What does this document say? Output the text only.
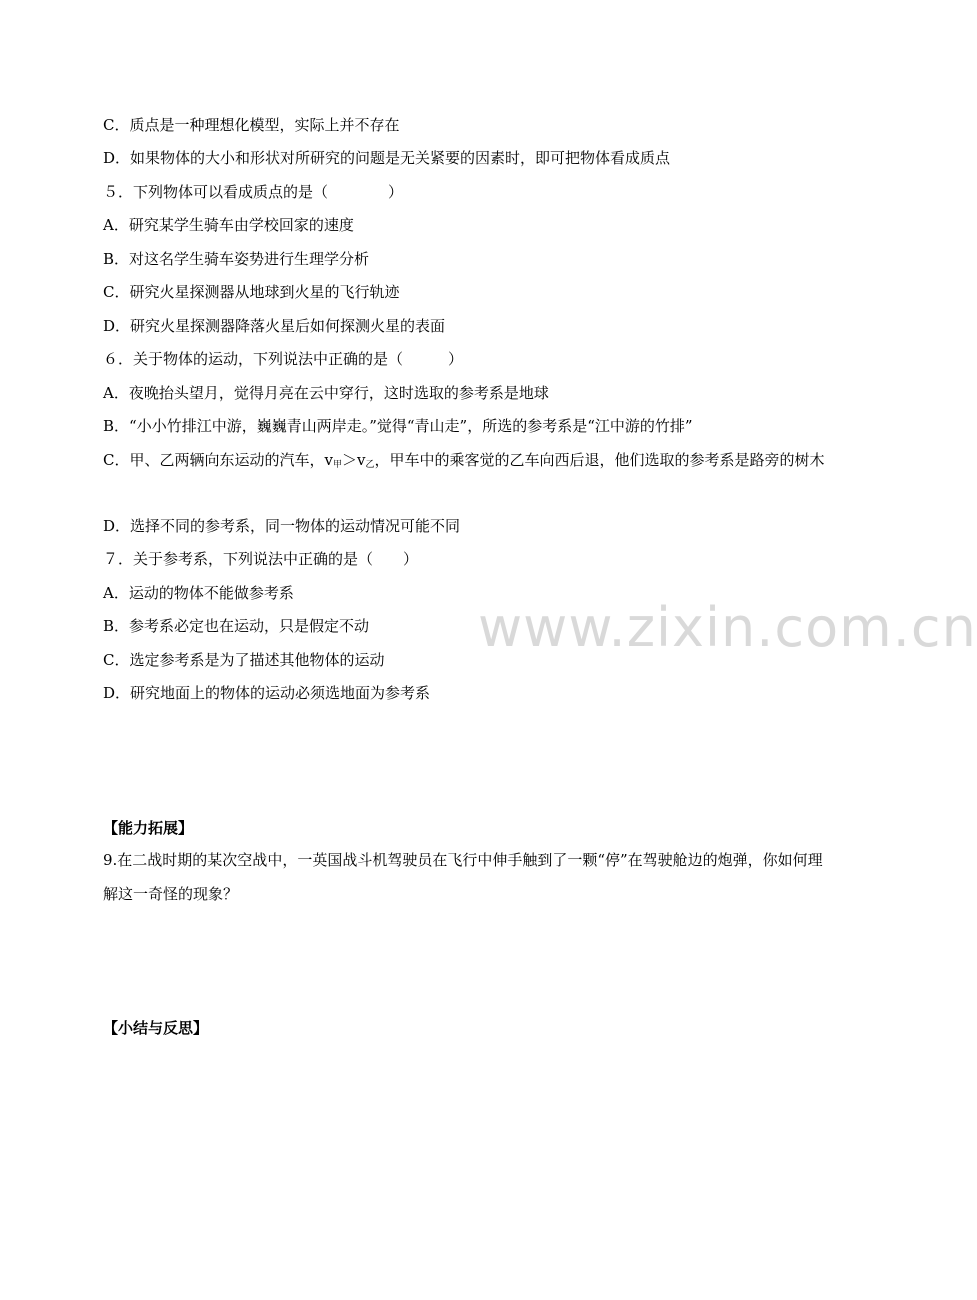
C．质点是一种理想化模型，实际上并不存在
D．如果物体的大小和形状对所研究的问题是无关紧要的因素时，即可把物体看成质点
５．下列物体可以看成质点的是（　　　　）
A．研究某学生骑车由学校回家的速度
B．对这名学生骑车姿势进行生理学分析
C．研究火星探测器从地球到火星的飞行轨迹
D．研究火星探测器降落火星后如何探测火星的表面
６．关于物体的运动，下列说法中正确的是（　　　）
A．夜晚抬头望月，觉得月亮在云中穿行，这时选取的参考系是地球
B．“小小竹排江中游，巍巍青山两岸走。”觉得“青山走”，所选的参考系是“江中游的竹排”
C．甲、乙两辆向东运动的汽车，$v_甲>v_乙$，甲车中的乘客觉的乙车向西后退，他们选取的参考系是路旁的树木
D．选择不同的参考系，同一物体的运动情况可能不同
７．关于参考系，下列说法中正确的是（　　）
A．运动的物体不能做参考系
B．参考系必定也在运动，只是假定不动
C．选定参考系是为了描述其他物体的运动
D．研究地面上的物体的运动必须选地面为参考系
【能力拓展】
9.在二战时期的某次空战中，一英国战斗机驾驶员在飞行中伸手触到了一颗“停”在驾驶舱边的炮弹，你如何理解这一奇怪的现象？
【小结与反思】
www.zixin.com.cn
